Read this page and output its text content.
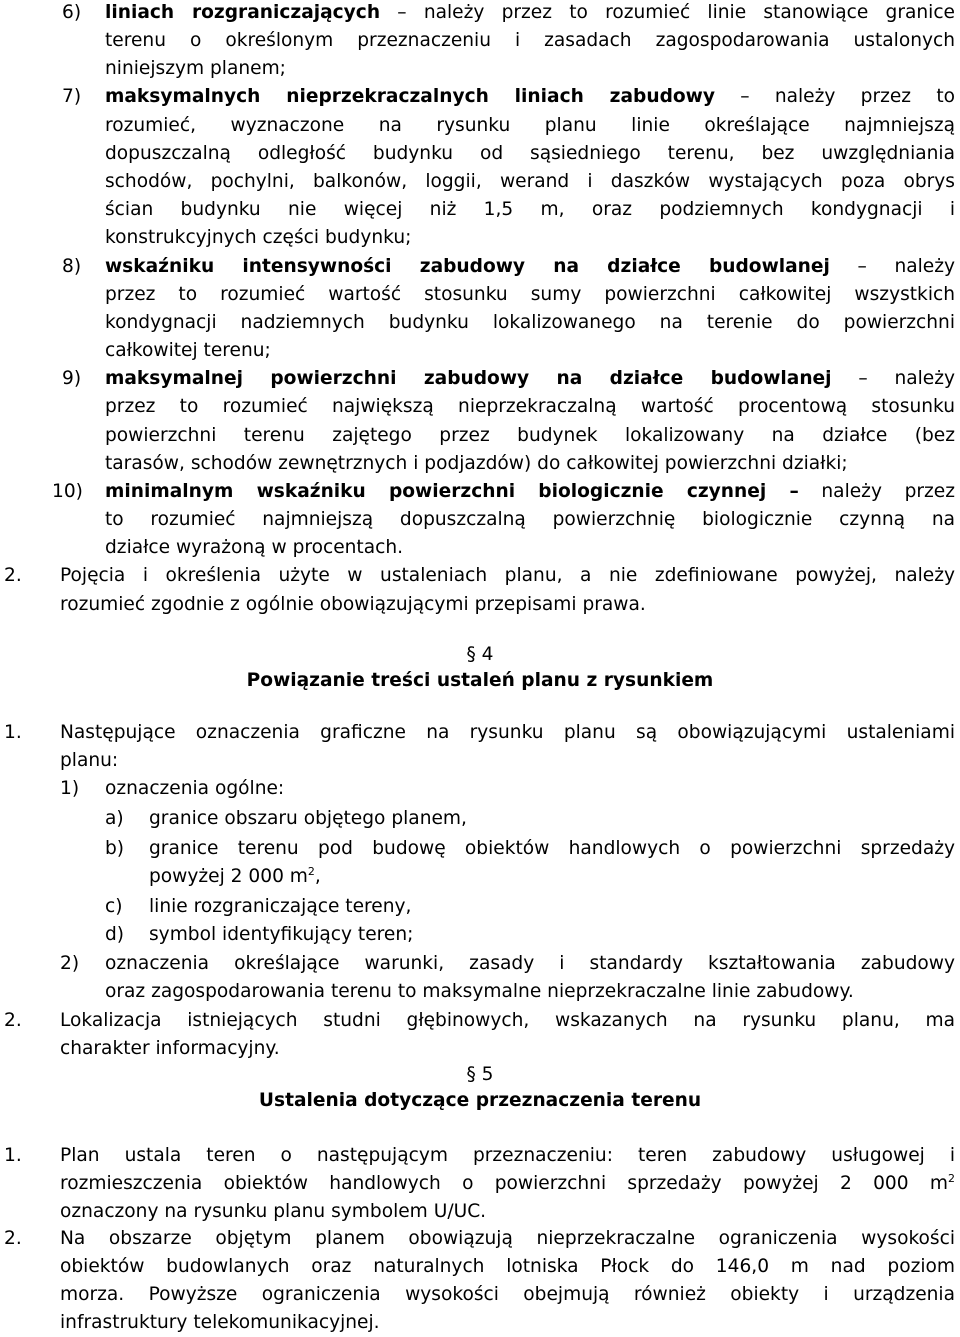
6) liniach rozgraniczających – należy przez to rozumieć linie stanowiące granice
terenu o określonym przeznaczeniu i zasadach zagospodarowania ustalonych
niniejszym planem;
7) maksymalnych nieprzekraczalnych liniach zabudowy – należy przez to
rozumieć, wyznaczone na rysunku planu linie określające najmniejszą
dopuszczalną odległość budynku od sąsiedniego terenu, bez uwzględniania
schodów, pochylni, balkonów, loggii, werand i daszków wystających poza obrys
ścian budynku nie więcej niż 1,5 m, oraz podziemnych kondygnacji i
konstrukcyjnych części budynku;
8) wskaźniku intensywności zabudowy na działce budowlanej – należy
przez to rozumieć wartość stosunku sumy powierzchni całkowitej wszystkich
kondygnacji nadziemnych budynku lokalizowanego na terenie do powierzchni
całkowitej terenu;
9) maksymalnej powierzchni zabudowy na działce budowlanej – należy
przez to rozumieć największą nieprzekraczalną wartość procentową stosunku
powierzchni terenu zajętego przez budynek lokalizowany na działce (bez
tarasów, schodów zewnętrznych i podjazdów) do całkowitej powierzchni działki;
10) minimalnym wskaźniku powierzchni biologicznie czynnej – należy przez
to rozumieć najmniejszą dopuszczalną powierzchnię biologicznie czynną na
działce wyrażoną w procentach.
2. Pojęcia i określenia użyte w ustaleniach planu, a nie zdefiniowane powyżej, należy
rozumieć zgodnie z ogólnie obowiązującymi przepisami prawa.
§ 4
Powiązanie treści ustaleń planu z rysunkiem
1. Następujące oznaczenia graficzne na rysunku planu są obowiązującymi ustaleniami
planu:
1) oznaczenia ogólne:
a) granice obszaru objętego planem,
b) granice terenu pod budowę obiektów handlowych o powierzchni sprzedaży
powyżej 2 000 $m^2$,
c) linie rozgraniczające tereny,
d) symbol identyfikujący teren;
2) oznaczenia określające warunki, zasady i standardy kształtowania zabudowy
oraz zagospodarowania terenu to maksymalne nieprzekraczalne linie zabudowy.
2. Lokalizacja istniejących studni głębinowych, wskazanych na rysunku planu, ma
charakter informacyjny.
§ 5
Ustalenia dotyczące przeznaczenia terenu
1. Plan ustala teren o następującym przeznaczeniu: teren zabudowy usługowej i
rozmieszczenia obiektów handlowych o powierzchni sprzedaży powyżej 2 000 $m^2$
oznaczony na rysunku planu symbolem U/UC.
2. Na obszarze objętym planem obowiązują nieprzekraczalne ograniczenia wysokości
obiektów budowlanych oraz naturalnych lotniska Płock do 146,0 m nad poziom
morza. Powyższe ograniczenia wysokości obejmują również obiekty i urządzenia
infrastruktury telekomunikacyjnej.
